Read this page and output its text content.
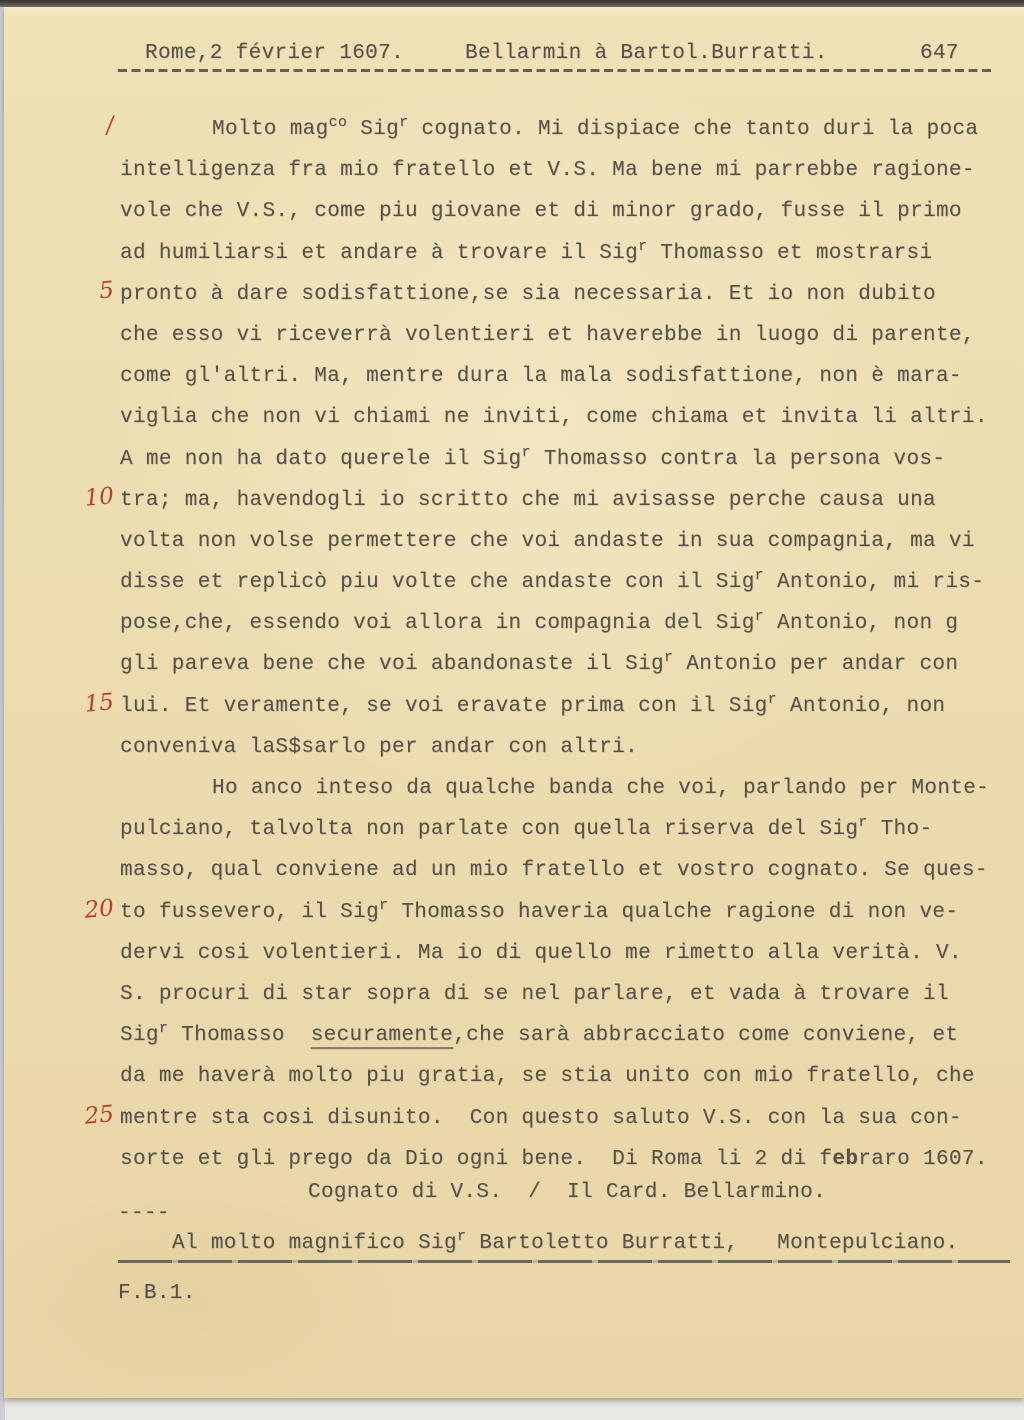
Rome,2 février 1607.	Bellarmin à Bartol.Burratti.	647
/	Molto mag$^{co}$ Sig$^r$ cognato. Mi dispiace che tanto duri la poca
intelligenza fra mio fratello et V.S. Ma bene mi parrebbe ragione-
vole che V.S., come piu giovane et di minor grado, fusse il primo
ad humiliarsi et andare à trovare il Sig$^r$ Thomasso et mostrarsi
5 pronto à dare sodisfattione,se sia necessaria. Et io non dubito
che esso vi riceverrà volentieri et haverebbe in luogo di parente,
come gl'altri. Ma, mentre dura la mala sodisfattione, non è mara-
viglia che non vi chiami ne inviti, come chiama et invita li altri.
A me non ha dato querele il Sig$^r$ Thomasso contra la persona vos-
10 tra; ma, havendogli io scritto che mi avisasse perche causa una
volta non volse permettere che voi andaste in sua compagnia, ma vi
disse et replicò piu volte che andaste con il Sig$^r$ Antonio, mi ris-
pose,che, essendo voi allora in compagnia del Sig$^r$ Antonio, non g
gli pareva bene che voi abandonaste il Sig$^r$ Antonio per andar con
15 lui. Et veramente, se voi eravate prima con il Sig$^r$ Antonio, non
conveniva laS$sarlo per andar con altri.
Ho anco inteso da qualche banda che voi, parlando per Monte-
pulciano, talvolta non parlate con quella riserva del Sig$^r$ Tho-
masso, qual conviene ad un mio fratello et vostro cognato. Se ques-
20 to fussevero, il Sig$^r$ Thomasso haveria qualche ragione di non ve-
dervi cosi volentieri. Ma io di quello me rimetto alla verità. V.
S. procuri di star sopra di se nel parlare, et vada à trovare il
Sig$^r$ Thomasso  securamente,che sarà abbracciato come conviene, et
da me haverà molto piu gratia, se stia unito con mio fratello, che
25 mentre sta cosi disunito.  Con questo saluto V.S. con la sua con-
sorte et gli prego da Dio ogni bene.  Di Roma li 2 di febraro 1607.
Cognato di V.S.  /  Il Card. Bellarmino.
----
Al molto magnifico Sig$^r$ Bartoletto Burratti,   Montepulciano.
F.B.1.
